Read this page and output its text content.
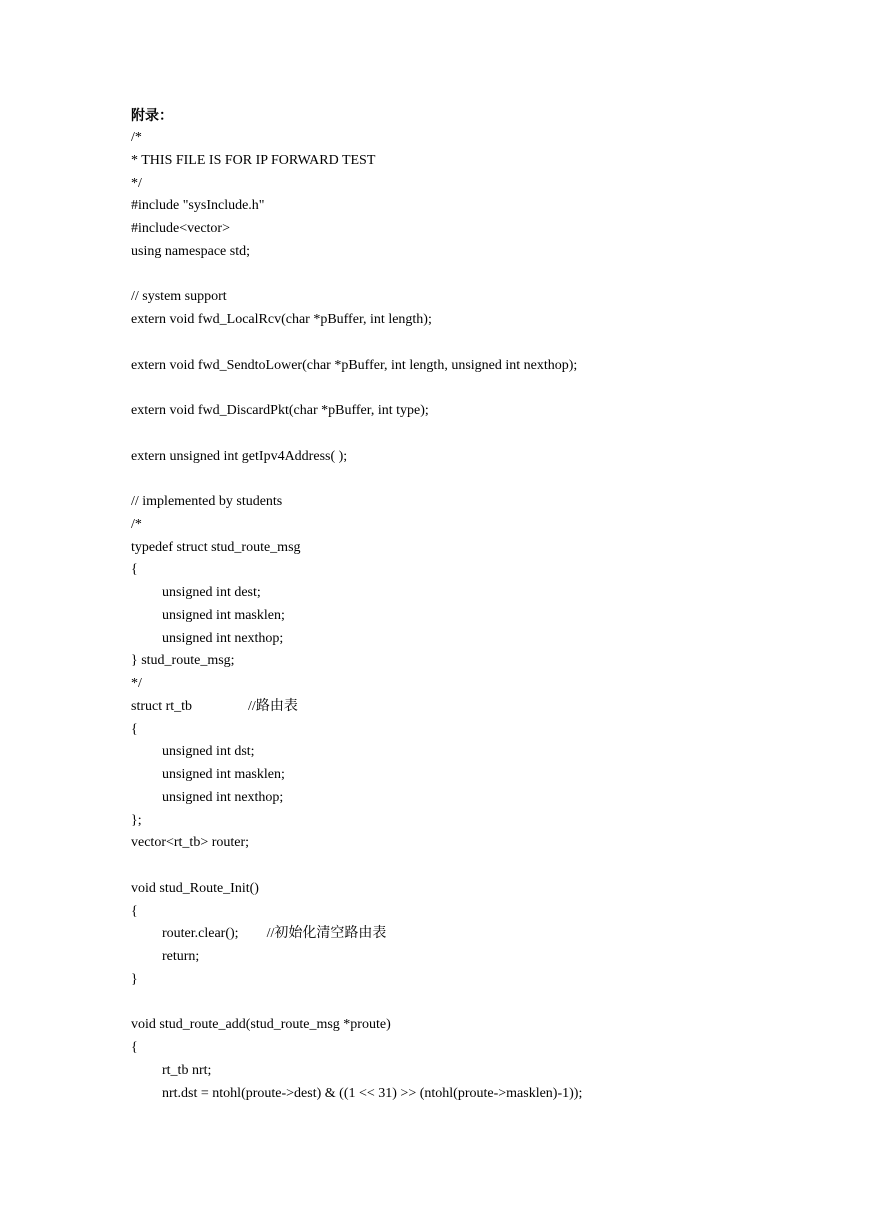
附录：
/*
* THIS FILE IS FOR IP FORWARD TEST
*/
#include "sysInclude.h"
#include<vector>
using namespace std;
// system support
extern void fwd_LocalRcv(char *pBuffer, int length);
extern void fwd_SendtoLower(char *pBuffer, int length, unsigned int nexthop);
extern void fwd_DiscardPkt(char *pBuffer, int type);
extern unsigned int getIpv4Address( );
// implemented by students
/*
typedef struct stud_route_msg
{
unsigned int dest;
unsigned int masklen;
unsigned int nexthop;
} stud_route_msg;
*/
struct rt_tb                //路由表
{
unsigned int dst;
unsigned int masklen;
unsigned int nexthop;
};
vector<rt_tb> router;
void stud_Route_Init()
{
router.clear();        //初始化清空路由表
return;
}
void stud_route_add(stud_route_msg *proute)
{
rt_tb nrt;
nrt.dst = ntohl(proute->dest) & ((1 << 31) >> (ntohl(proute->masklen)-1));
